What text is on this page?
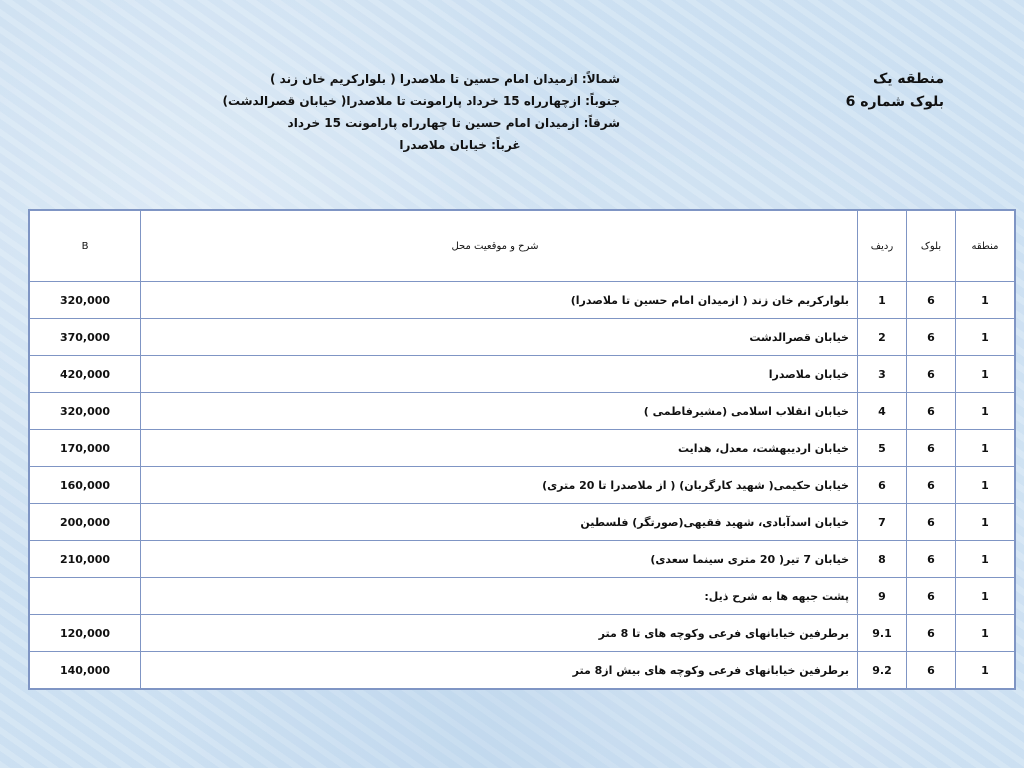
منطقه یک
بلوک شماره 6
شمالاً: ازمیدان امام حسین تا ملاصدرا ( بلوارکریم خان زند )
جنوباً: ازچهارراه 15 خرداد پارامونت تا ملاصدرا( خیابان قصرالدشت)
شرقاً: ازمیدان امام حسین تا چهارراه پارامونت 15 خرداد
غرباً: خیابان ملاصدرا
B	شرح و موقعیت محل	ردیف	بلوک	منطقه
320,000	بلوارکریم خان زند ( ازمیدان امام حسین تا ملاصدرا)	1	6	1
370,000	خیابان قصرالدشت	2	6	1
420,000	خیابان ملاصدرا	3	6	1
320,000	خیابان انقلاب اسلامی (مشیرفاطمی )	4	6	1
170,000	خیابان اردیبهشت، معدل، هدایت	5	6	1
160,000	خیابان حکیمی( شهید کارگربان) ( از ملاصدرا تا 20 متری)	6	6	1
200,000	خیابان اسدآبادی، شهید فقیهی(صورتگر) فلسطین	7	6	1
210,000	خیابان 7 تیر( 20 متری سینما سعدی)	8	6	1
	پشت جبهه ها به شرح ذیل:	9	6	1
120,000	برطرفین خیابانهای فرعی وکوچه های تا 8 متر	9.1	6	1
140,000	برطرفین خیابانهای فرعی وکوچه های بیش از8 متر	9.2	6	1
